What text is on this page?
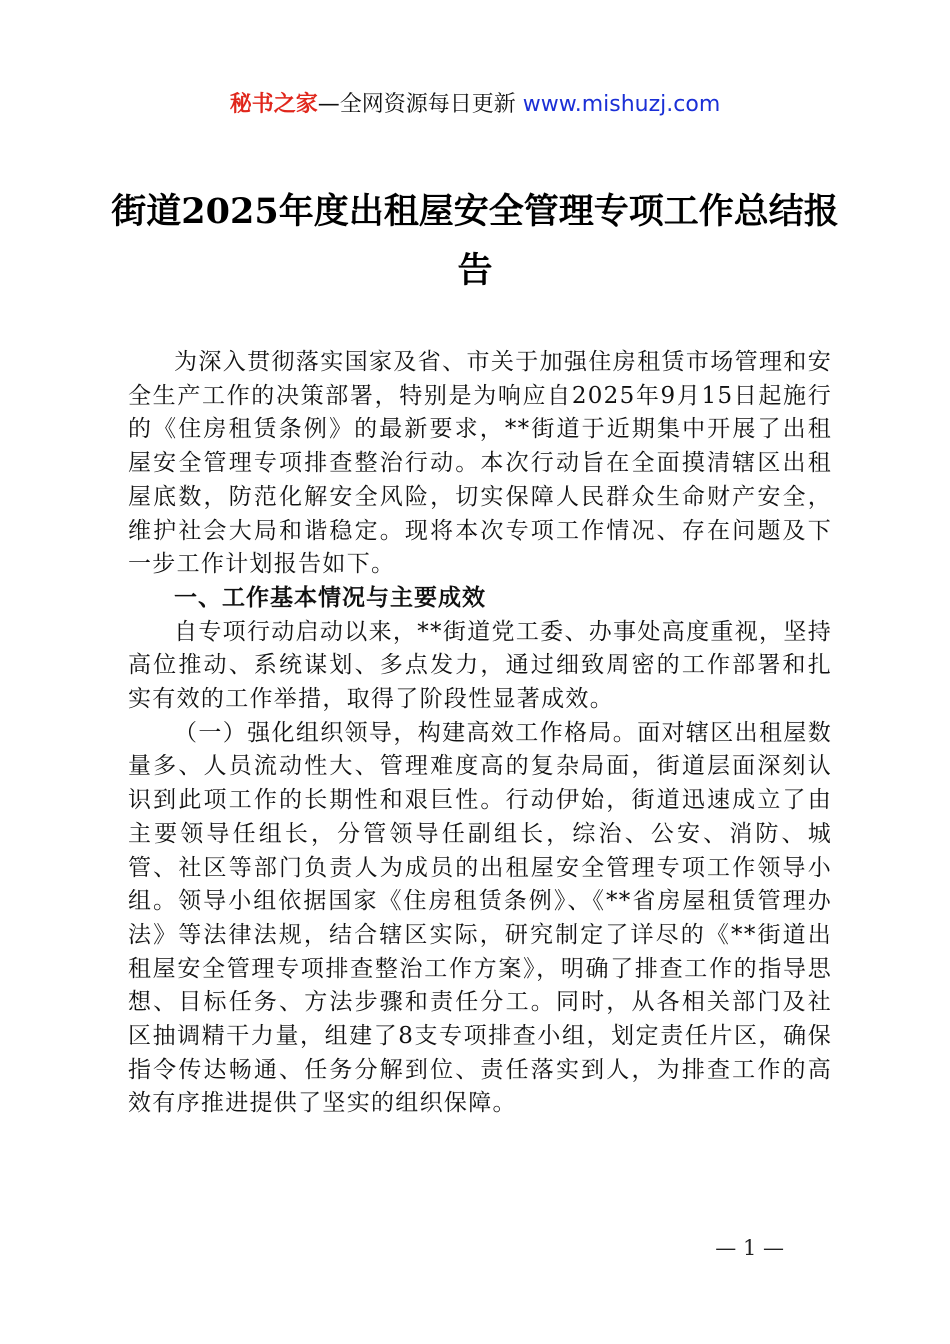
秘书之家—全网资源每日更新 www.mishuzj.com
街道2025年度出租屋安全管理专项工作总结报告

为深入贯彻落实国家及省、市关于加强住房租赁市场管理和安全生产工作的决策部署，特别是为响应自2025年9月15日起施行的《住房租赁条例》的最新要求，**街道于近期集中开展了出租屋安全管理专项排查整治行动。本次行动旨在全面摸清辖区出租屋底数，防范化解安全风险，切实保障人民群众生命财产安全，维护社会大局和谐稳定。现将本次专项工作情况、存在问题及下一步工作计划报告如下。

一、工作基本情况与主要成效

自专项行动启动以来，**街道党工委、办事处高度重视，坚持高位推动、系统谋划、多点发力，通过细致周密的工作部署和扎实有效的工作举措，取得了阶段性显著成效。

（一）强化组织领导，构建高效工作格局。面对辖区出租屋数量多、人员流动性大、管理难度高的复杂局面，街道层面深刻认识到此项工作的长期性和艰巨性。行动伊始，街道迅速成立了由主要领导任组长，分管领导任副组长，综治、公安、消防、城管、社区等部门负责人为成员的出租屋安全管理专项工作领导小组。领导小组依据国家《住房租赁条例》、《**省房屋租赁管理办法》等法律法规，结合辖区实际，研究制定了详尽的《**街道出租屋安全管理专项排查整治工作方案》，明确了排查工作的指导思想、目标任务、方法步骤和责任分工。同时，从各相关部门及社区抽调精干力量，组建了8支专项排查小组，划定责任片区，确保指令传达畅通、任务分解到位、责任落实到人，为排查工作的高效有序推进提供了坚实的组织保障。

— 1 —
